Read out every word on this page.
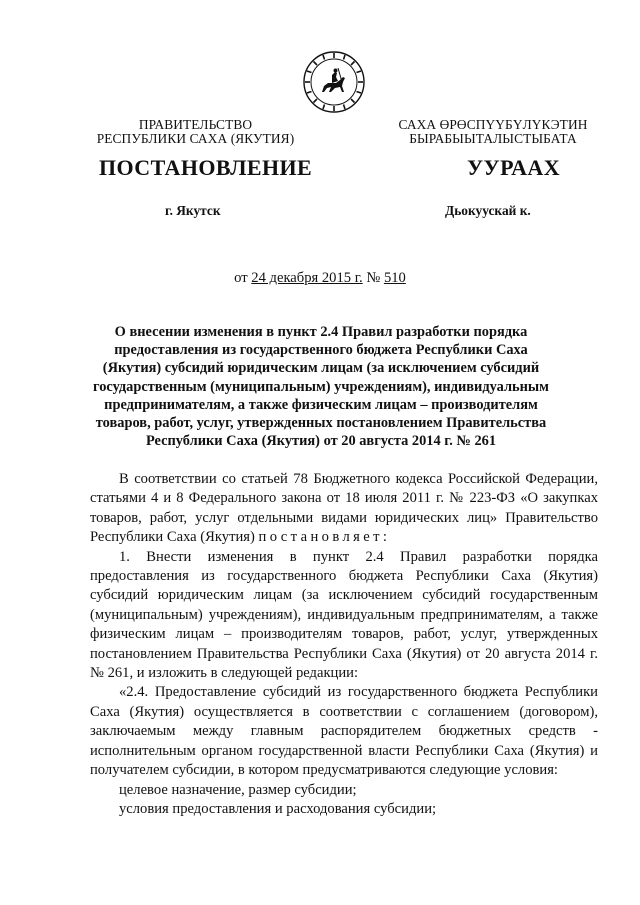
ПРАВИТЕЛЬСТВО
РЕСПУБЛИКИ САХА (ЯКУТИЯ)
САХА ӨРӨСПҮҮБҮЛҮКЭТИН
БЫРАБЫЫТАЛЫСТЫБАТА
ПОСТАНОВЛЕНИЕ	УУРААХ
г. Якутск	Дьокуускай к.
от 24 декабря 2015 г. № 510
О внесении изменения в пункт 2.4 Правил разработки порядка предоставления из государственного бюджета Республики Саха (Якутия) субсидий юридическим лицам (за исключением субсидий государственным (муниципальным) учреждениям), индивидуальным предпринимателям, а также физическим лицам – производителям товаров, работ, услуг, утвержденных постановлением Правительства Республики Саха (Якутия) от 20 августа 2014 г. № 261

В соответствии со статьей 78 Бюджетного кодекса Российской Федерации, статьями 4 и 8 Федерального закона от 18 июля 2011 г. № 223-ФЗ «О закупках товаров, работ, услуг отдельными видами юридических лиц» Правительство Республики Саха (Якутия) постановляет:

1. Внести изменения в пункт 2.4 Правил разработки порядка предоставления из государственного бюджета Республики Саха (Якутия) субсидий юридическим лицам (за исключением субсидий государственным (муниципальным) учреждениям), индивидуальным предпринимателям, а также физическим лицам – производителям товаров, работ, услуг, утвержденных постановлением Правительства Республики Саха (Якутия) от 20 августа 2014 г. № 261, и изложить в следующей редакции:

«2.4. Предоставление субсидий из государственного бюджета Республики Саха (Якутия) осуществляется в соответствии с соглашением (договором), заключаемым между главным распорядителем бюджетных средств - исполнительным органом государственной власти Республики Саха (Якутия) и получателем субсидии, в котором предусматриваются следующие условия:

целевое назначение, размер субсидии;

условия предоставления и расходования субсидии;
